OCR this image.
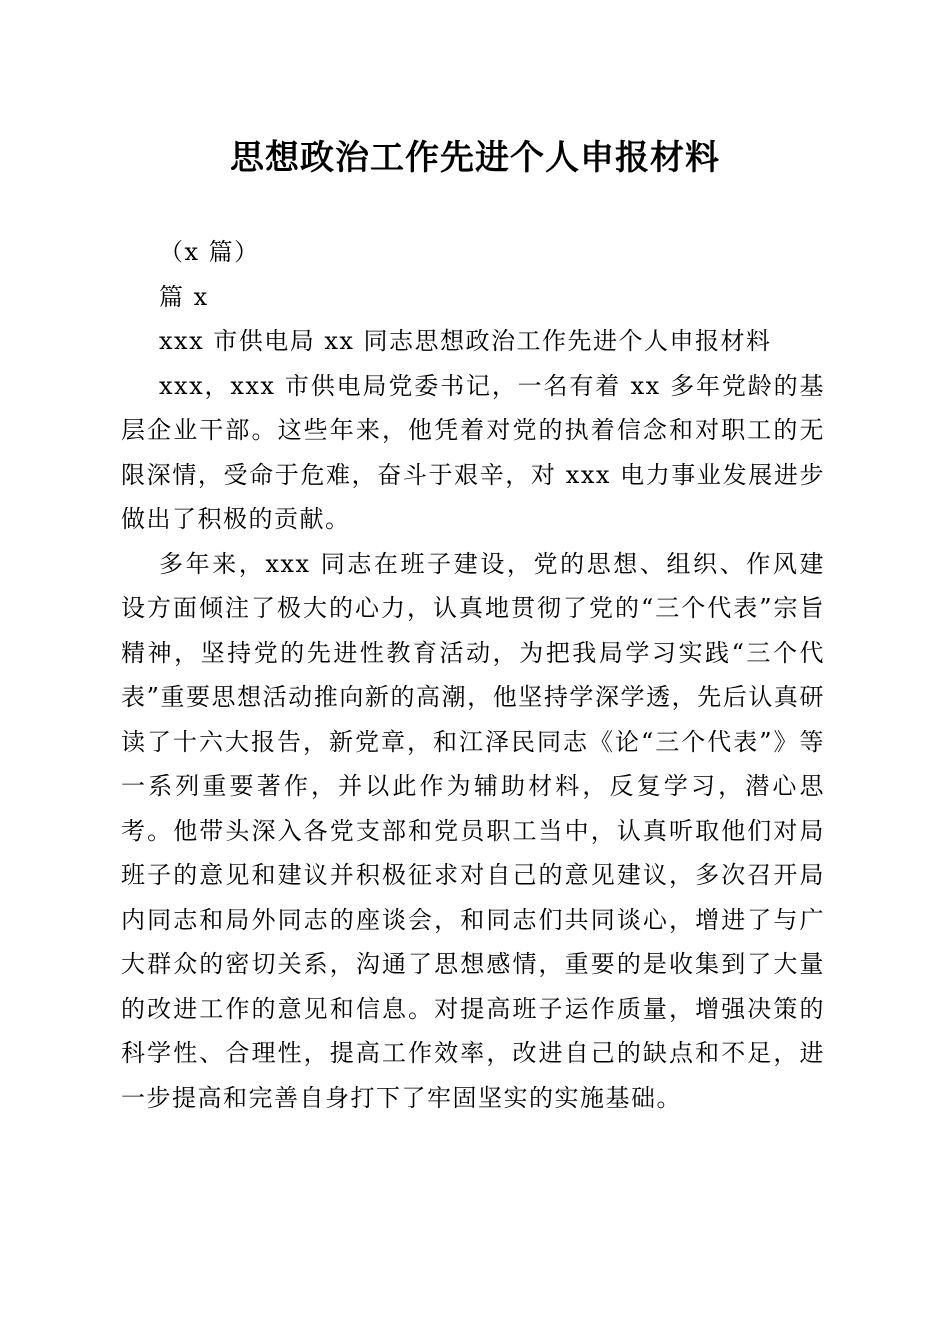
思想政治工作先进个人申报材料

（x 篇）

篇 x

xxx 市供电局 xx 同志思想政治工作先进个人申报材料

xxx，xxx 市供电局党委书记，一名有着 xx 多年党龄的基层企业干部。这些年来，他凭着对党的执着信念和对职工的无限深情，受命于危难，奋斗于艰辛，对 xxx 电力事业发展进步做出了积极的贡献。

多年来，xxx 同志在班子建设，党的思想、组织、作风建设方面倾注了极大的心力，认真地贯彻了党的“三个代表”宗旨精神，坚持党的先进性教育活动，为把我局学习实践“三个代表”重要思想活动推向新的高潮，他坚持学深学透，先后认真研读了十六大报告，新党章，和江泽民同志《论“三个代表”》等一系列重要著作，并以此作为辅助材料，反复学习，潜心思考。他带头深入各党支部和党员职工当中，认真听取他们对局班子的意见和建议并积极征求对自己的意见建议，多次召开局内同志和局外同志的座谈会，和同志们共同谈心，增进了与广大群众的密切关系，沟通了思想感情，重要的是收集到了大量的改进工作的意见和信息。对提高班子运作质量，增强决策的科学性、合理性，提高工作效率，改进自己的缺点和不足，进一步提高和完善自身打下了牢固坚实的实施基础。
